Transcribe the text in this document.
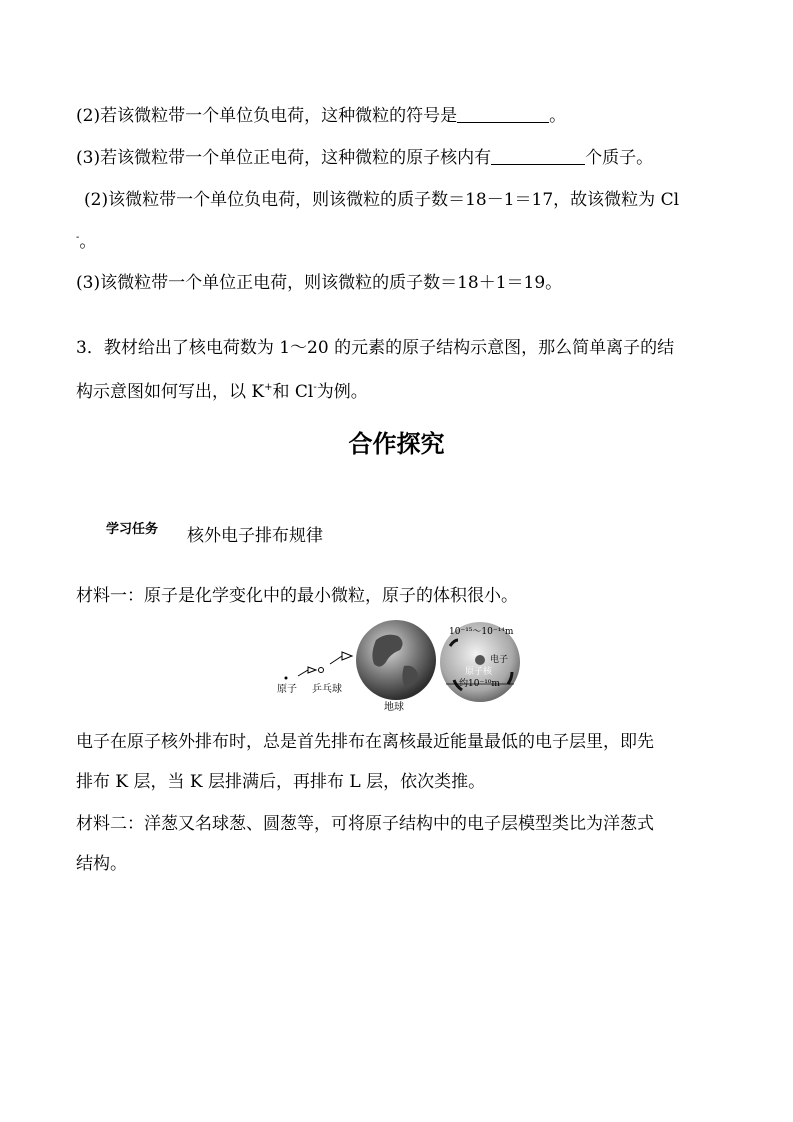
(2)若该微粒带一个单位负电荷，这种微粒的符号是	。
(3)若该微粒带一个单位正电荷，这种微粒的原子核内有	个质子。
(2)该微粒带一个单位负电荷，则该微粒的质子数＝18－1＝17，故该微粒为 Cl
-。
(3)该微粒带一个单位正电荷，则该微粒的质子数＝18＋1＝19。
3．教材给出了核电荷数为 1～20 的元素的原子结构示意图，那么简单离子的结
构示意图如何写出，以 K+和 Cl-为例。
合作探究
学习任务 核外电子排布规律
材料一：原子是化学变化中的最小微粒，原子的体积很小。
原子 乒乓球
地球
10⁻¹⁵～10⁻¹⁴m
电子
原子核
约10⁻¹⁰m
电子在原子核外排布时，总是首先排布在离核最近能量最低的电子层里，即先
排布 K 层，当 K 层排满后，再排布 L 层，依次类推。
材料二：洋葱又名球葱、圆葱等，可将原子结构中的电子层模型类比为洋葱式
结构。
